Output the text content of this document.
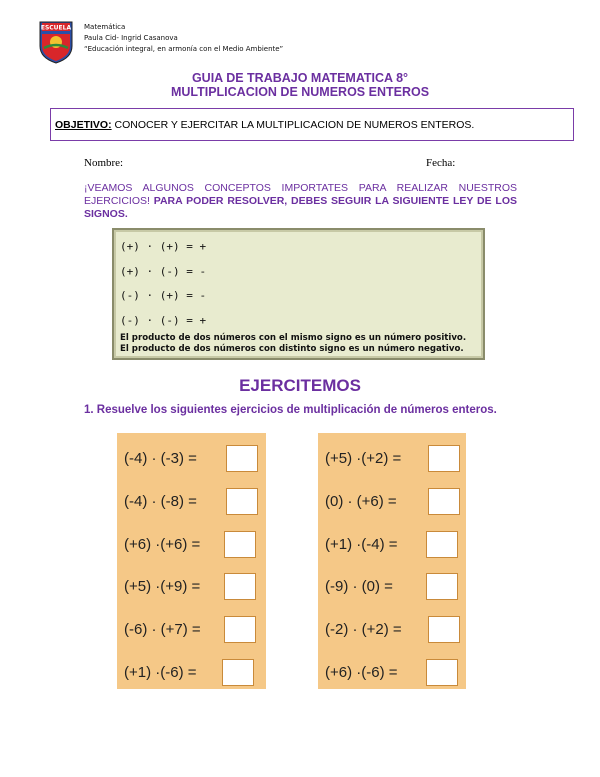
ESCUELA Matemática
Paula Cid- Ingrid Casanova
“Educación integral, en armonía con el Medio Ambiente”
GUIA DE TRABAJO MATEMATICA 8°
MULTIPLICACION DE NUMEROS ENTEROS
OBJETIVO: CONOCER Y EJERCITAR LA MULTIPLICACION DE NUMEROS ENTEROS.
Nombre:	Fecha:
¡VEAMOS ALGUNOS CONCEPTOS IMPORTATES PARA REALIZAR NUESTROS EJERCICIOS! PARA PODER RESOLVER, DEBES SEGUIR LA SIGUIENTE LEY DE LOS SIGNOS.
(+) · (+) = +
(+) · (-) = -
(-) · (+) = -
(-) · (-) = +
El producto de dos números con el mismo signo es un número positivo.
El producto de dos números con distinto signo es un número negativo.
EJERCITEMOS
1. Resuelve los siguientes ejercicios de multiplicación de números enteros.
(-4) · (-3) =
(-4) · (-8) =
(+6) ·(+6) =
(+5) ·(+9) =
(-6) · (+7) =
(+1) ·(-6) =
(+5) ·(+2) =
(0) · (+6) =
(+1) ·(-4) =
(-9) · (0) =
(-2) · (+2) =
(+6) ·(-6) =
